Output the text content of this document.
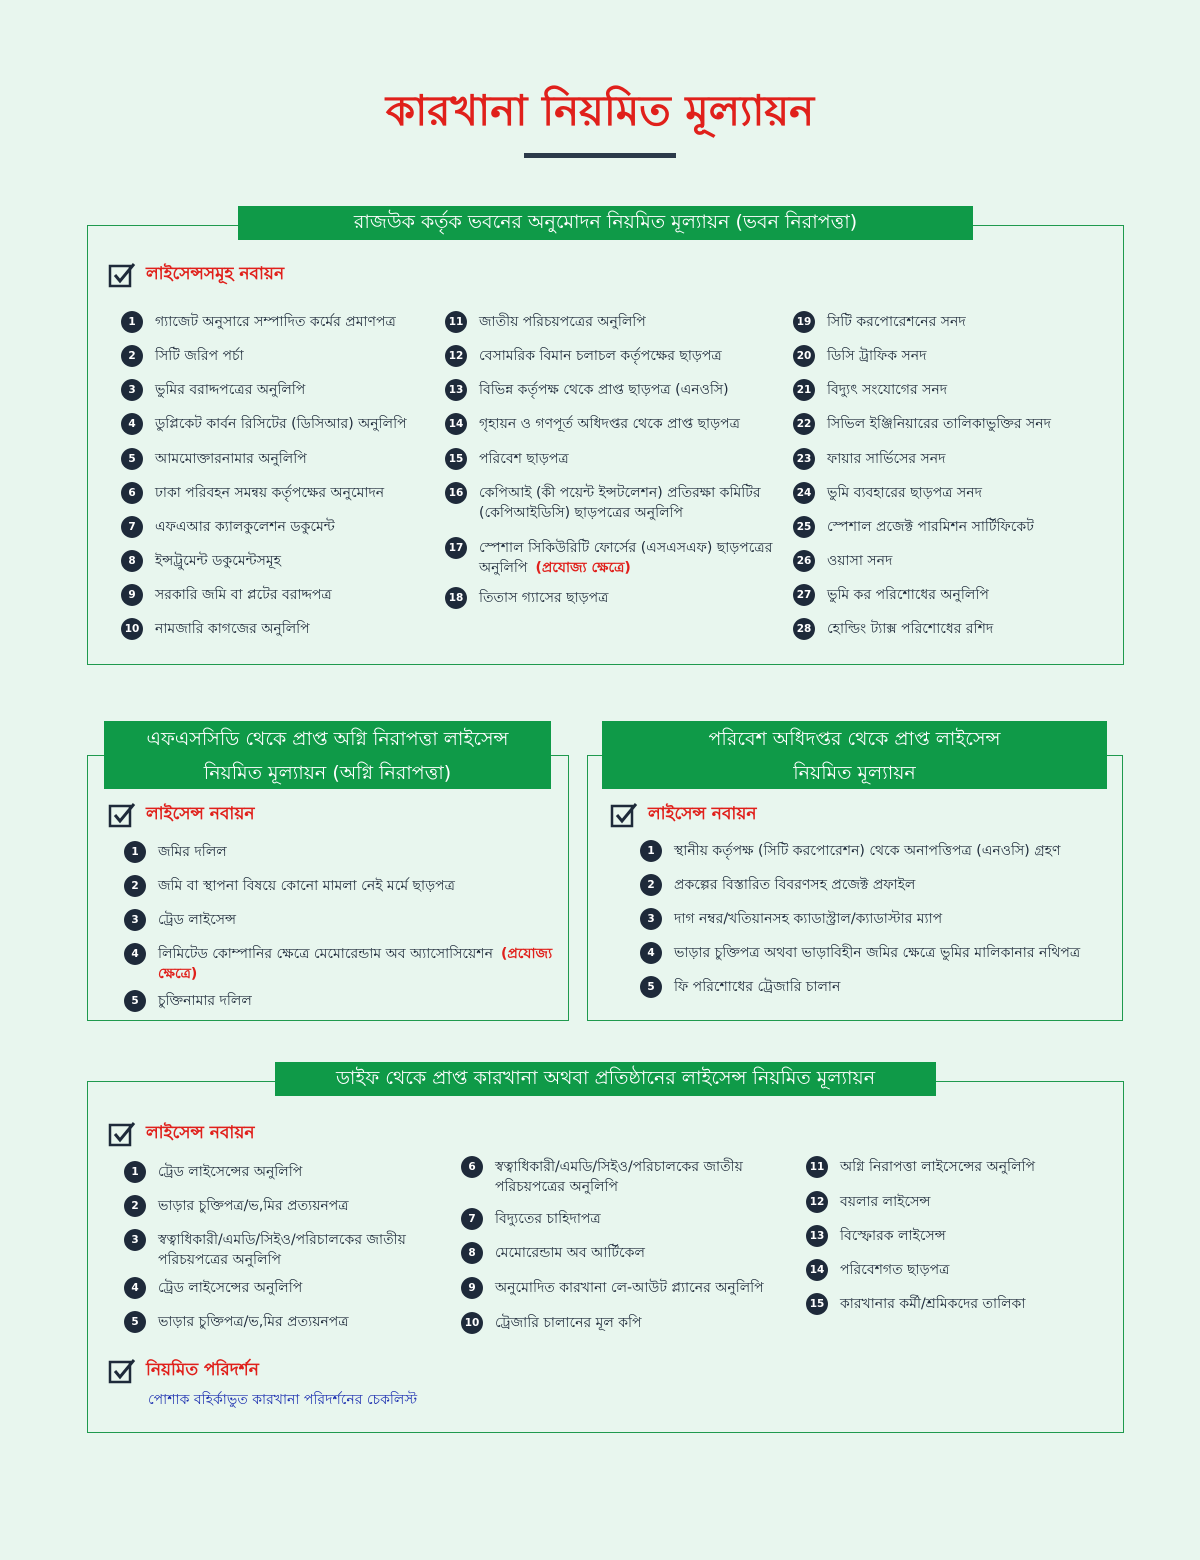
কারখানা নিয়মিত মূল্যায়ন
রাজউক কর্তৃক ভবনের অনুমোদন নিয়মিত মূল্যায়ন (ভবন নিরাপত্তা)
লাইসেন্সসমূহ নবায়ন
1	গ্যাজেট অনুসারে সম্পাদিত কর্মের প্রমাণপত্র
2	সিটি জরিপ পর্চা
3	ভুমির বরাদ্দপত্রের অনুলিপি
4	ডুপ্লিকেট কার্বন রিসিটের (ডিসিআর) অনুলিপি
5	আমমোক্তারনামার অনুলিপি
6	ঢাকা পরিবহন সমন্বয় কর্তৃপক্ষের অনুমোদন
7	এফএআর ক্যালকুলেশন ডকুমেন্ট
8	ইন্সট্রুমেন্ট ডকুমেন্টসমূহ
9	সরকারি জমি বা প্লটের বরাদ্দপত্র
10 নামজারি কাগজের অনুলিপি
11 জাতীয় পরিচয়পত্রের অনুলিপি
12 বেসামরিক বিমান চলাচল কর্তৃপক্ষের ছাড়পত্র
13 বিভিন্ন কর্তৃপক্ষ থেকে প্রাপ্ত ছাড়পত্র (এনওসি)
14 গৃহায়ন ও গণপূর্ত অধিদপ্তর থেকে প্রাপ্ত ছাড়পত্র
15 পরিবেশ ছাড়পত্র
16 কেপিআই (কী পয়েন্ট ইন্সটলেশন) প্রতিরক্ষা কমিটির (কেপিআইডিসি) ছাড়পত্রের অনুলিপি
17 স্পেশাল সিকিউরিটি ফোর্সের (এসএসএফ) ছাড়পত্রের অনুলিপি (প্রযোজ্য ক্ষেত্রে)
18 তিতাস গ্যাসের ছাড়পত্র
19 সিটি করপোরেশনের সনদ
20 ডিসি ট্রাফিক সনদ
21 বিদ্যুৎ সংযোগের সনদ
22 সিভিল ইঞ্জিনিয়ারের তালিকাভুক্তির সনদ
23 ফায়ার সার্ভিসের সনদ
24 ভুমি ব্যবহারের ছাড়পত্র সনদ
25 স্পেশাল প্রজেক্ট পারমিশন সার্টিফিকেট
26 ওয়াসা সনদ
27 ভুমি কর পরিশোধের অনুলিপি
28 হোল্ডিং ট্যাক্স পরিশোধের রশিদ
এফএসসিডি থেকে প্রাপ্ত অগ্নি নিরাপত্তা লাইসেন্স
নিয়মিত মূল্যায়ন (অগ্নি নিরাপত্তা)
লাইসেন্স নবায়ন
1	জমির দলিল
2	জমি বা স্থাপনা বিষয়ে কোনো মামলা নেই মর্মে ছাড়পত্র
3	ট্রেড লাইসেন্স
4	লিমিটেড কোম্পানির ক্ষেত্রে মেমোরেন্ডাম অব অ্যাসোসিয়েশন (প্রযোজ্য ক্ষেত্রে)
5	চুক্তিনামার দলিল
পরিবেশ অধিদপ্তর থেকে প্রাপ্ত লাইসেন্স
নিয়মিত মূল্যায়ন
লাইসেন্স নবায়ন
1	স্থানীয় কর্তৃপক্ষ (সিটি করপোরেশন) থেকে অনাপত্তিপত্র (এনওসি) গ্রহণ
2	প্রকল্পের বিস্তারিত বিবরণসহ প্রজেক্ট প্রফাইল
3	দাগ নম্বর/খতিয়ানসহ ক্যাডাস্ট্রাল/ক্যাডাস্টার ম্যাপ
4	ভাড়ার চুক্তিপত্র অথবা ভাড়াবিহীন জমির ক্ষেত্রে ভুমির মালিকানার নথিপত্র
5	ফি পরিশোধের ট্রেজারি চালান
ডাইফ থেকে প্রাপ্ত কারখানা অথবা প্রতিষ্ঠানের লাইসেন্স নিয়মিত মূল্যায়ন
লাইসেন্স নবায়ন
1	ট্রেড লাইসেন্সের অনুলিপি
2	ভাড়ার চুক্তিপত্র/ভ‚মির প্রত্যয়নপত্র
3	স্বত্বাধিকারী/এমডি/সিইও/পরিচালকের জাতীয় পরিচয়পত্রের অনুলিপি
4	ট্রেড লাইসেন্সের অনুলিপি
5	ভাড়ার চুক্তিপত্র/ভ‚মির প্রত্যয়নপত্র
6	স্বত্বাধিকারী/এমডি/সিইও/পরিচালকের জাতীয় পরিচয়পত্রের অনুলিপি
7	বিদ্যুতের চাহিদাপত্র
8	মেমোরেন্ডাম অব আর্টিকেল
9	অনুমোদিত কারখানা লে-আউট প্ল্যানের অনুলিপি
10 ট্রেজারি চালানের মূল কপি
11 অগ্নি নিরাপত্তা লাইসেন্সের অনুলিপি
12 বয়লার লাইসেন্স
13 বিস্ফোরক লাইসেন্স
14 পরিবেশগত ছাড়পত্র
15 কারখানার কর্মী/শ্রমিকদের তালিকা
নিয়মিত পরিদর্শন
পোশাক বহির্কাভুত কারখানা পরিদর্শনের চেকলিস্ট
